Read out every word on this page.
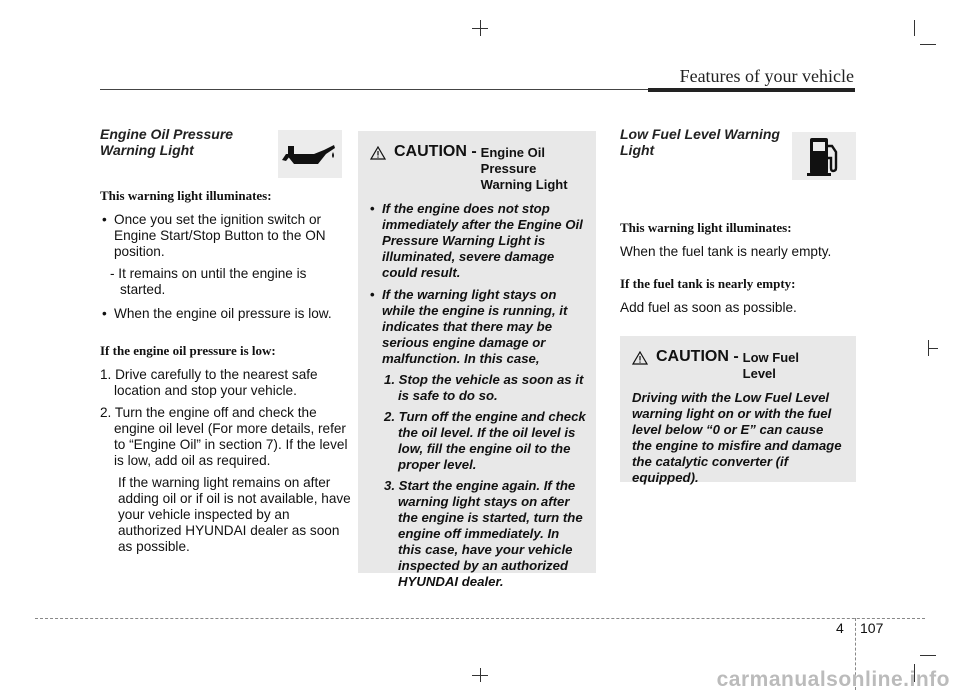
Features of your vehicle
Engine Oil Pressure Warning Light

This warning light illuminates:

• Once you set the ignition switch or Engine Start/Stop Button to the ON position.

- It remains on until the engine is started.

• When the engine oil pressure is low.

If the engine oil pressure is low:

1. Drive carefully to the nearest safe location and stop your vehicle.

2. Turn the engine off and check the engine oil level (For more details, refer to “Engine Oil” in section 7). If the level is low, add oil as required.

If the warning light remains on after adding oil or if oil is not available, have your vehicle inspected by an authorized HYUNDAI dealer as soon as possible.

CAUTION - Engine Oil Pressure Warning Light
• If the engine does not stop immediately after the Engine Oil Pressure Warning Light is illuminated, severe damage could result.
• If the warning light stays on while the engine is running, it indicates that there may be serious engine damage or malfunction. In this case,
1. Stop the vehicle as soon as it is safe to do so.
2. Turn off the engine and check the oil level. If the oil level is low, fill the engine oil to the proper level.
3. Start the engine again. If the warning light stays on after the engine is started, turn the engine off immediately. In this case, have your vehicle inspected by an authorized HYUNDAI dealer.
Low Fuel Level Warning Light

This warning light illuminates:

When the fuel tank is nearly empty.

If the fuel tank is nearly empty:

Add fuel as soon as possible.

CAUTION - Low Fuel Level
Driving with the Low Fuel Level warning light on or with the fuel level below “0 or E” can cause the engine to misfire and damage the catalytic converter (if equipped).
4 107
carmanualsonline.info
